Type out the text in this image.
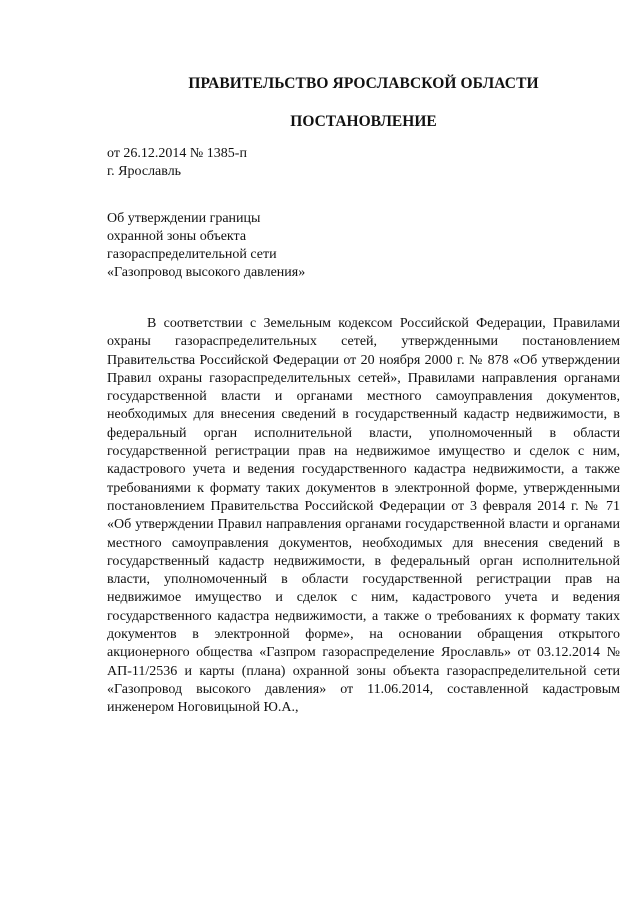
ПРАВИТЕЛЬСТВО ЯРОСЛАВСКОЙ ОБЛАСТИ
ПОСТАНОВЛЕНИЕ
от 26.12.2014 № 1385-п
г. Ярославль
Об утверждении границы
охранной зоны объекта
газораспределительной сети
«Газопровод высокого давления»

В соответствии с Земельным кодексом Российской Федерации, Правилами охраны газораспределительных сетей, утвержденными постановлением Правительства Российской Федерации от 20 ноября 2000 г. № 878 «Об утверждении Правил охраны газораспределительных сетей», Правилами направления органами государственной власти и органами местного самоуправления документов, необходимых для внесения сведений в государственный кадастр недвижимости, в федеральный орган исполнительной власти, уполномоченный в области государственной регистрации прав на недвижимое имущество и сделок с ним, кадастрового учета и ведения государственного кадастра недвижимости, а также требованиями к формату таких документов в электронной форме, утвержденными постановлением Правительства Российской Федерации от 3 февраля 2014 г. № 71 «Об утверждении Правил направления органами государственной власти и органами местного самоуправления документов, необходимых для внесения сведений в государственный кадастр недвижимости, в федеральный орган исполнительной власти, уполномоченный в области государственной регистрации прав на недвижимое имущество и сделок с ним, кадастрового учета и ведения государственного кадастра недвижимости, а также о требованиях к формату таких документов в электронной форме», на основании обращения открытого акционерного общества «Газпром газораспределение Ярославль» от 03.12.2014 № АП-11/2536 и карты (плана) охранной зоны объекта газораспределительной сети «Газопровод высокого давления» от 11.06.2014, составленной кадастровым инженером Ноговицыной Ю.А.,
